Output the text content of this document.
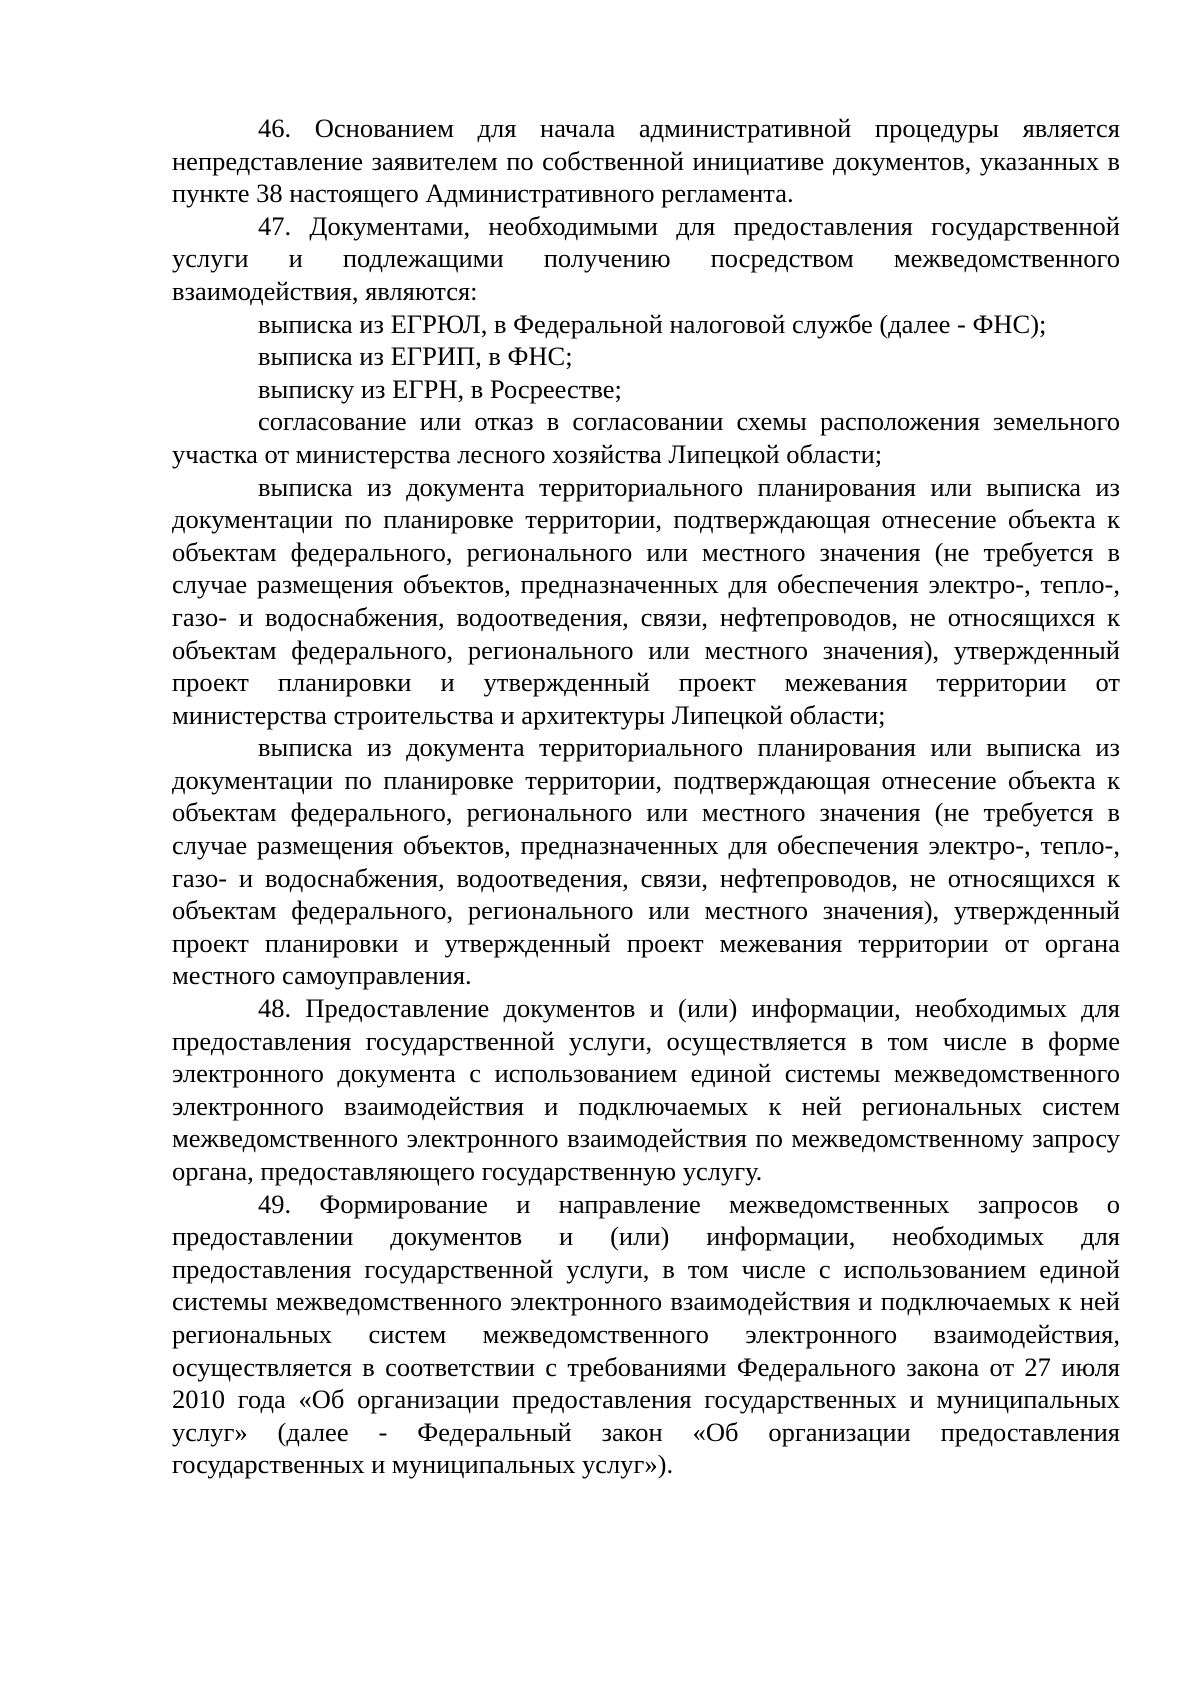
46. Основанием для начала административной процедуры является непредставление заявителем по собственной инициативе документов, указанных в пункте 38 настоящего Административного регламента.

47. Документами, необходимыми для предоставления государственной услуги и подлежащими получению посредством межведомственного взаимодействия, являются:

выписка из ЕГРЮЛ, в Федеральной налоговой службе (далее - ФНС);

выписка из ЕГРИП, в ФНС;

выписку из ЕГРН, в Росреестве;

согласование или отказ в согласовании схемы расположения земельного участка от министерства лесного хозяйства Липецкой области;

выписка из документа территориального планирования или выписка из документации по планировке территории, подтверждающая отнесение объекта к объектам федерального, регионального или местного значения (не требуется в случае размещения объектов, предназначенных для обеспечения электро-, тепло-, газо- и водоснабжения, водоотведения, связи, нефтепроводов, не относящихся к объектам федерального, регионального или местного значения), утвержденный проект планировки и утвержденный проект межевания территории от министерства строительства и архитектуры Липецкой области;

выписка из документа территориального планирования или выписка из документации по планировке территории, подтверждающая отнесение объекта к объектам федерального, регионального или местного значения (не требуется в случае размещения объектов, предназначенных для обеспечения электро-, тепло-, газо- и водоснабжения, водоотведения, связи, нефтепроводов, не относящихся к объектам федерального, регионального или местного значения), утвержденный проект планировки и утвержденный проект межевания территории от органа местного самоуправления.

48. Предоставление документов и (или) информации, необходимых для предоставления государственной услуги, осуществляется в том числе в форме электронного документа с использованием единой системы межведомственного электронного взаимодействия и подключаемых к ней региональных систем межведомственного электронного взаимодействия по межведомственному запросу органа, предоставляющего государственную услугу.

49. Формирование и направление межведомственных запросов о предоставлении документов и (или) информации, необходимых для предоставления государственной услуги, в том числе с использованием единой системы межведомственного электронного взаимодействия и подключаемых к ней региональных систем межведомственного электронного взаимодействия, осуществляется в соответствии с требованиями Федерального закона от 27 июля 2010 года «Об организации предоставления государственных и муниципальных услуг» (далее - Федеральный закон «Об организации предоставления государственных и муниципальных услуг»).
